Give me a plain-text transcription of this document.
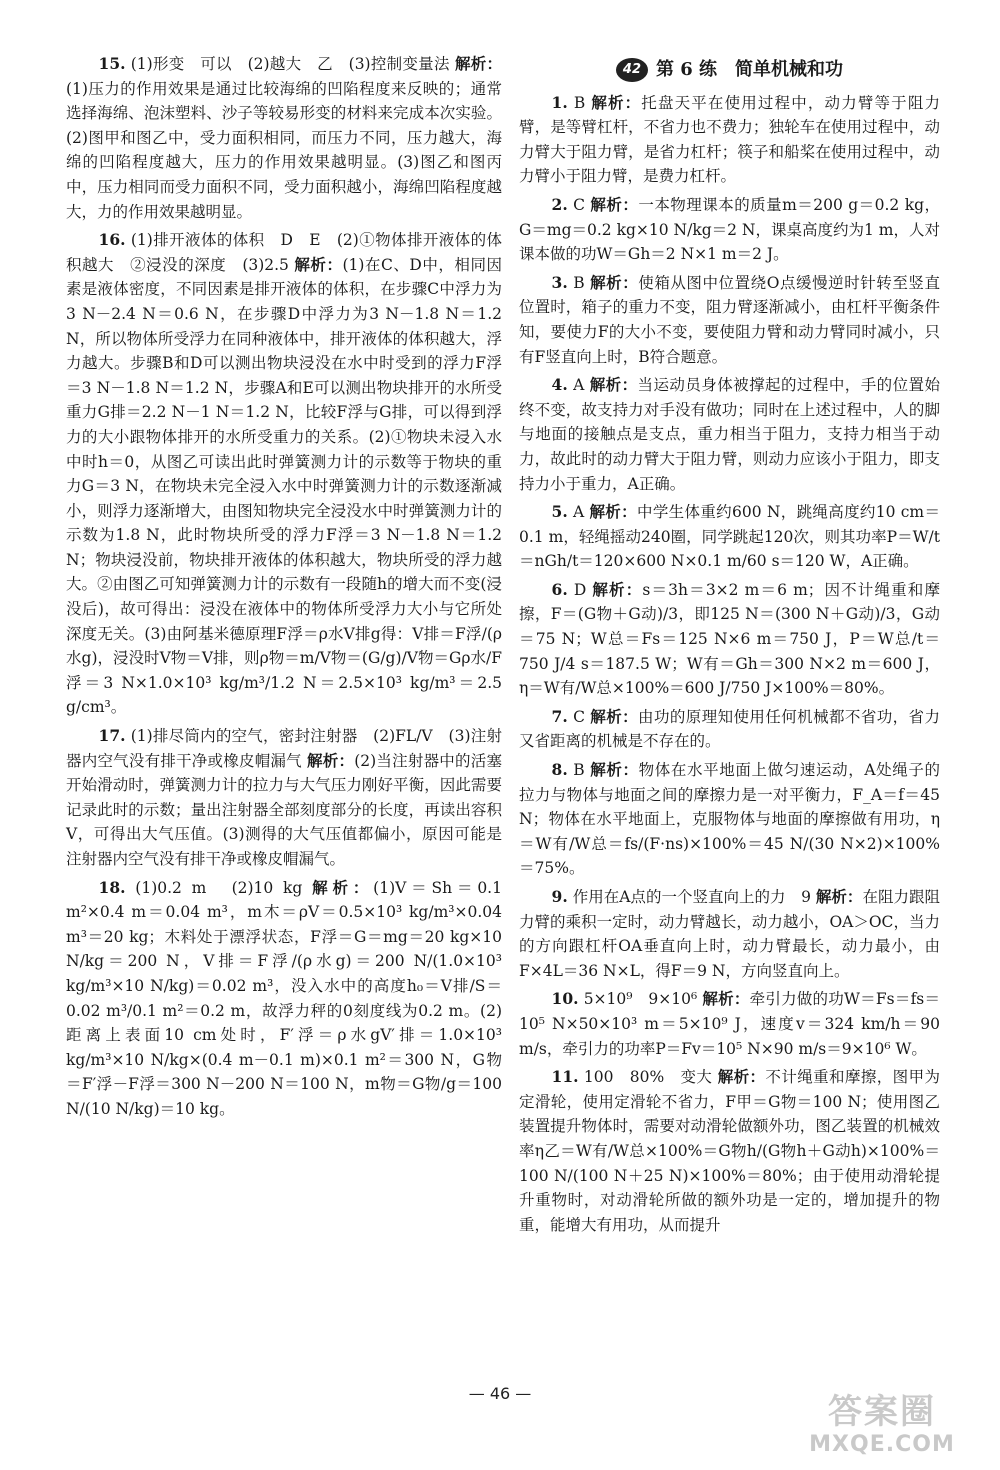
15. (1)形变　可以　(2)越大　乙　(3)控制变量法 解析：(1)压力的作用效果是通过比较海绵的凹陷程度来反映的；通常选择海绵、泡沫塑料、沙子等较易形变的材料来完成本次实验。(2)图甲和图乙中，受力面积相同，而压力不同，压力越大，海绵的凹陷程度越大，压力的作用效果越明显。(3)图乙和图丙中，压力相同而受力面积不同，受力面积越小，海绵凹陷程度越大，力的作用效果越明显。

16. (1)排开液体的体积　D　E　(2)①物体排开液体的体积越大　②浸没的深度　(3)2.5 解析：(1)在C、D中，相同因素是液体密度，不同因素是排开液体的体积，在步骤C中浮力为3 N－2.4 N＝0.6 N，在步骤D中浮力为3 N－1.8 N＝1.2 N，所以物体所受浮力在同种液体中，排开液体的体积越大，浮力越大。步骤B和D可以测出物块浸没在水中时受到的浮力F浮＝3 N－1.8 N＝1.2 N，步骤A和E可以测出物块排开的水所受重力G排＝2.2 N－1 N＝1.2 N，比较F浮与G排，可以得到浮力的大小跟物体排开的水所受重力的关系。(2)①物块未浸入水中时h＝0，从图乙可读出此时弹簧测力计的示数等于物块的重力G＝3 N，在物块未完全浸入水中时弹簧测力计的示数逐渐减小，则浮力逐渐增大，由图知物块完全浸没水中时弹簧测力计的示数为1.8 N，此时物块所受的浮力F浮＝3 N－1.8 N＝1.2 N；物块浸没前，物块排开液体的体积越大，物块所受的浮力越大。②由图乙可知弹簧测力计的示数有一段随h的增大而不变(浸没后)，故可得出：浸没在液体中的物体所受浮力大小与它所处深度无关。(3)由阿基米德原理F浮＝ρ水V排g得：V排＝F浮/(ρ水g)，浸没时V物＝V排，则ρ物＝m/V物＝(G/g)/V物＝Gρ水/F浮＝3 N×1.0×10³ kg/m³/1.2 N＝2.5×10³ kg/m³＝2.5 g/cm³。

17. (1)排尽筒内的空气，密封注射器　(2)FL/V　(3)注射器内空气没有排干净或橡皮帽漏气 解析：(2)当注射器中的活塞开始滑动时，弹簧测力计的拉力与大气压力刚好平衡，因此需要记录此时的示数；量出注射器全部刻度部分的长度，再读出容积V，可得出大气压值。(3)测得的大气压值都偏小，原因可能是注射器内空气没有排干净或橡皮帽漏气。

18. (1)0.2 m　(2)10 kg 解析：(1)V＝Sh＝0.1 m²×0.4 m＝0.04 m³，m木＝ρV＝0.5×10³ kg/m³×0.04 m³＝20 kg；木料处于漂浮状态，F浮＝G＝mg＝20 kg×10 N/kg＝200 N，V排＝F浮/(ρ水g)＝200 N/(1.0×10³ kg/m³×10 N/kg)＝0.02 m³，没入水中的高度h₀＝V排/S＝0.02 m³/0.1 m²＝0.2 m，故浮力秤的0刻度线为0.2 m。(2)距离上表面10 cm处时，F′浮＝ρ水gV′排＝1.0×10³ kg/m³×10 N/kg×(0.4 m－0.1 m)×0.1 m²＝300 N，G物＝F′浮－F浮＝300 N－200 N＝100 N，m物＝G物/g＝100 N/(10 N/kg)＝10 kg。

42 第 6 练　简单机械和功

1. B 解析：托盘天平在使用过程中，动力臂等于阻力臂，是等臂杠杆，不省力也不费力；独轮车在使用过程中，动力臂大于阻力臂，是省力杠杆；筷子和船桨在使用过程中，动力臂小于阻力臂，是费力杠杆。

2. C 解析：一本物理课本的质量m＝200 g＝0.2 kg，G＝mg＝0.2 kg×10 N/kg＝2 N，课桌高度约为1 m，人对课本做的功W＝Gh＝2 N×1 m＝2 J。

3. B 解析：使箱从图中位置绕O点缓慢逆时针转至竖直位置时，箱子的重力不变，阻力臂逐渐减小，由杠杆平衡条件知，要使力F的大小不变，要使阻力臂和动力臂同时减小，只有F竖直向上时，B符合题意。

4. A 解析：当运动员身体被撑起的过程中，手的位置始终不变，故支持力对手没有做功；同时在上述过程中，人的脚与地面的接触点是支点，重力相当于阻力，支持力相当于动力，故此时的动力臂大于阻力臂，则动力应该小于阻力，即支持力小于重力，A正确。

5. A 解析：中学生体重约600 N，跳绳高度约10 cm＝0.1 m，轻绳摇动240圈，同学跳起120次，则其功率P＝W/t＝nGh/t＝120×600 N×0.1 m/60 s＝120 W，A正确。

6. D 解析：s＝3h＝3×2 m＝6 m；因不计绳重和摩擦，F＝(G物＋G动)/3，即125 N＝(300 N＋G动)/3，G动＝75 N；W总＝Fs＝125 N×6 m＝750 J，P＝W总/t＝750 J/4 s＝187.5 W；W有＝Gh＝300 N×2 m＝600 J，η＝W有/W总×100%＝600 J/750 J×100%＝80%。

7. C 解析：由功的原理知使用任何机械都不省功，省力又省距离的机械是不存在的。

8. B 解析：物体在水平地面上做匀速运动，A处绳子的拉力与物体与地面之间的摩擦力是一对平衡力，F_A＝f＝45 N；物体在水平地面上，克服物体与地面的摩擦做有用功，η＝W有/W总＝fs/(F·ns)×100%＝45 N/(30 N×2)×100%＝75%。

9. 作用在A点的一个竖直向上的力　9 解析：在阻力跟阻力臂的乘积一定时，动力臂越长，动力越小，OA＞OC，当力的方向跟杠杆OA垂直向上时，动力臂最长，动力最小，由F×4L＝36 N×L，得F＝9 N，方向竖直向上。

10. 5×10⁹　9×10⁶ 解析：牵引力做的功W＝Fs＝fs＝10⁵ N×50×10³ m＝5×10⁹ J，速度v＝324 km/h＝90 m/s，牵引力的功率P＝Fv＝10⁵ N×90 m/s＝9×10⁶ W。

11. 100　80%　变大 解析：不计绳重和摩擦，图甲为定滑轮，使用定滑轮不省力，F甲＝G物＝100 N；使用图乙装置提升物体时，需要对动滑轮做额外功，图乙装置的机械效率η乙＝W有/W总×100%＝G物h/(G物h＋G动h)×100%＝100 N/(100 N＋25 N)×100%＝80%；由于使用动滑轮提升重物时，对动滑轮所做的额外功是一定的，增加提升的物重，能增大有用功，从而提升

— 46 —	答案圈
MXQE.COM
